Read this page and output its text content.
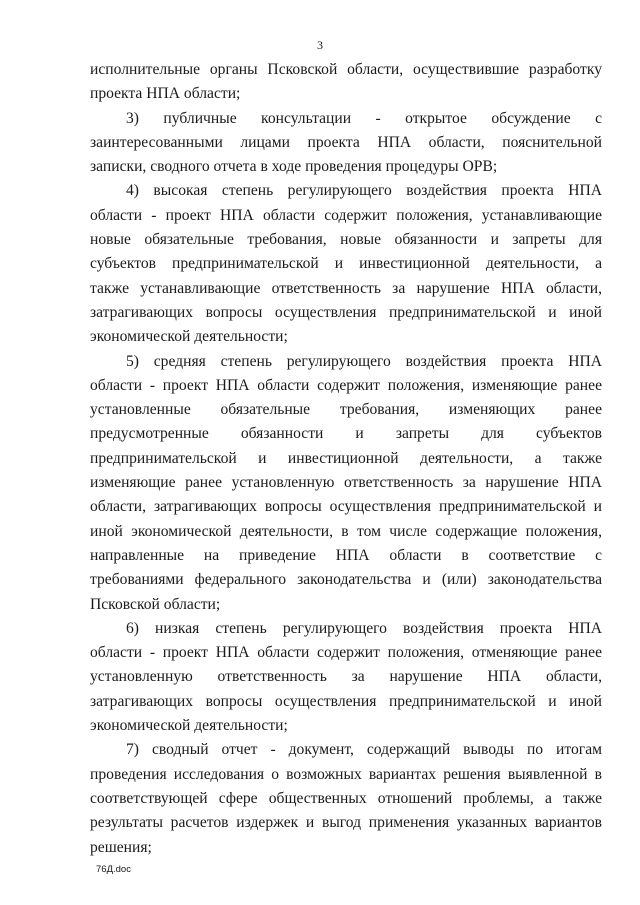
3
исполнительные органы Псковской области, осуществившие разработку
проекта НПА области;
3) публичные консультации - открытое обсуждение с
заинтересованными лицами проекта НПА области, пояснительной
записки, сводного отчета в ходе проведения процедуры ОРВ;
4) высокая степень регулирующего воздействия проекта НПА
области - проект НПА области содержит положения, устанавливающие
новые обязательные требования, новые обязанности и запреты для
субъектов предпринимательской и инвестиционной деятельности, а
также устанавливающие ответственность за нарушение НПА области,
затрагивающих вопросы осуществления предпринимательской и иной
экономической деятельности;
5) средняя степень регулирующего воздействия проекта НПА
области - проект НПА области содержит положения, изменяющие ранее
установленные обязательные требования, изменяющих ранее
предусмотренные обязанности и запреты для субъектов
предпринимательской и инвестиционной деятельности, а также
изменяющие ранее установленную ответственность за нарушение НПА
области, затрагивающих вопросы осуществления предпринимательской и
иной экономической деятельности, в том числе содержащие положения,
направленные на приведение НПА области в соответствие с
требованиями федерального законодательства и (или) законодательства
Псковской области;
6) низкая степень регулирующего воздействия проекта НПА
области - проект НПА области содержит положения, отменяющие ранее
установленную ответственность за нарушение НПА области,
затрагивающих вопросы осуществления предпринимательской и иной
экономической деятельности;
7) сводный отчет - документ, содержащий выводы по итогам
проведения исследования о возможных вариантах решения выявленной в
соответствующей сфере общественных отношений проблемы, а также
результаты расчетов издержек и выгод применения указанных вариантов
решения;
76Д.doc
